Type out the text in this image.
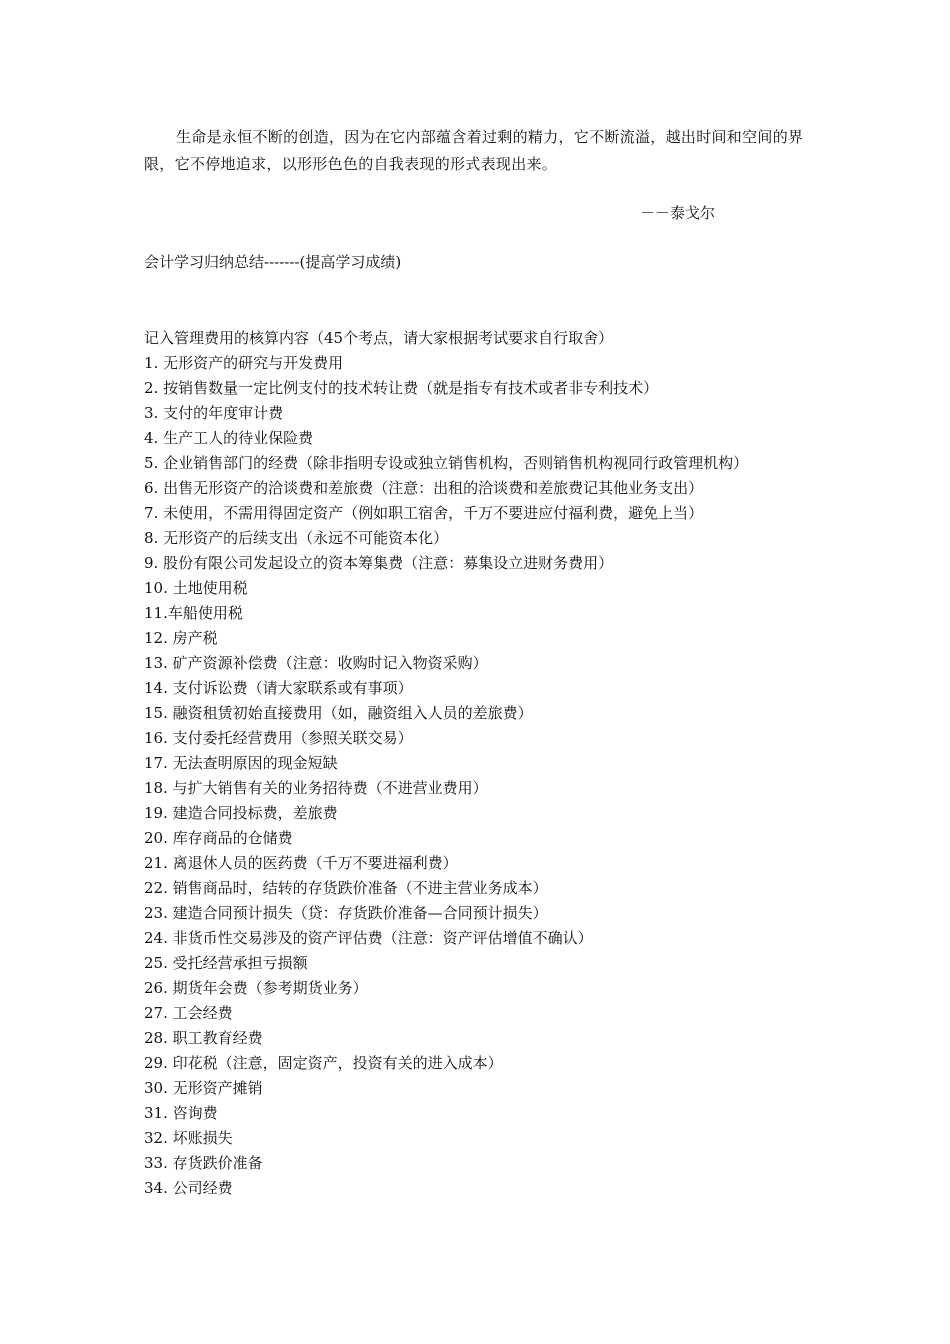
生命是永恒不断的创造，因为在它内部蕴含着过剩的精力，它不断流溢，越出时间和空间的界限，它不停地追求，以形形色色的自我表现的形式表现出来。

－－泰戈尔

会计学习归纳总结-------(提高学习成绩)

记入管理费用的核算内容（45个考点，请大家根据考试要求自行取舍）

1. 无形资产的研究与开发费用
2. 按销售数量一定比例支付的技术转让费（就是指专有技术或者非专利技术）
3. 支付的年度审计费
4. 生产工人的待业保险费
5. 企业销售部门的经费（除非指明专设或独立销售机构，否则销售机构视同行政管理机构）
6. 出售无形资产的洽谈费和差旅费（注意：出租的洽谈费和差旅费记其他业务支出）
7. 未使用，不需用得固定资产（例如职工宿舍，千万不要进应付福利费，避免上当）
8. 无形资产的后续支出（永远不可能资本化）
9. 股份有限公司发起设立的资本筹集费（注意：募集设立进财务费用）
10. 土地使用税
11.车船使用税
12. 房产税
13. 矿产资源补偿费（注意：收购时记入物资采购）
14. 支付诉讼费（请大家联系或有事项）
15. 融资租赁初始直接费用（如，融资组入人员的差旅费）
16. 支付委托经营费用（参照关联交易）
17. 无法查明原因的现金短缺
18. 与扩大销售有关的业务招待费（不进营业费用）
19. 建造合同投标费，差旅费
20. 库存商品的仓储费
21. 离退休人员的医药费（千万不要进福利费）
22. 销售商品时，结转的存货跌价准备（不进主营业务成本）
23. 建造合同预计损失（贷：存货跌价准备—合同预计损失）
24. 非货币性交易涉及的资产评估费（注意：资产评估增值不确认）
25. 受托经营承担亏损额
26. 期货年会费（参考期货业务）
27. 工会经费
28. 职工教育经费
29. 印花税（注意，固定资产，投资有关的进入成本）
30. 无形资产摊销
31. 咨询费
32. 坏账损失
33. 存货跌价准备
34. 公司经费
